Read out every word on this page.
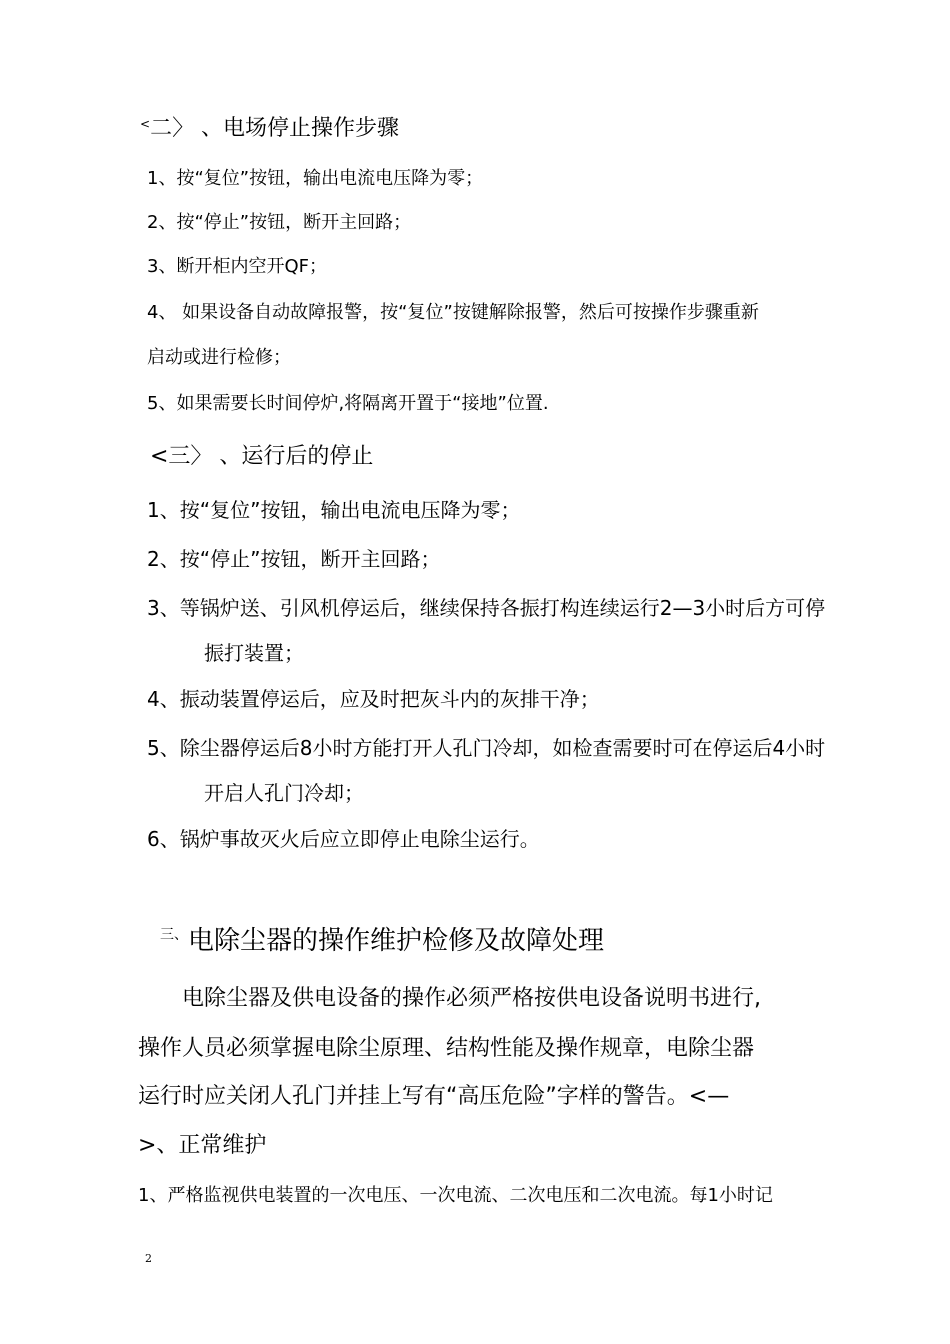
<二〉 、电场停止操作步骤
1、按“复位”按钮，输出电流电压降为零；
2、按“停止”按钮，断开主回路；
3、断开柜内空开QF；
4、 如果设备自动故障报警，按“复位”按键解除报警，然后可按操作步骤重新
启动或进行检修；
5、如果需要长时间停炉,将隔离开置于“接地”位置.
<三〉 、运行后的停止
1、按“复位”按钮，输出电流电压降为零；
2、按“停止”按钮，断开主回路；
3、等锅炉送、引风机停运后，继续保持各振打构连续运行2—3小时后方可停
振打装置；
4、振动装置停运后，应及时把灰斗内的灰排干净；
5、除尘器停运后8小时方能打开人孔门冷却，如检查需要时可在停运后4小时
开启人孔门冷却；
6、锅炉事故灭火后应立即停止电除尘运行。
三、电除尘器的操作维护检修及故障处理
电除尘器及供电设备的操作必须严格按供电设备说明书进行,
操作人员必须掌握电除尘原理、结构性能及操作规章，电除尘器
运行时应关闭人孔门并挂上写有“高压危险”字样的警告。<—
>、正常维护
1、严格监视供电装置的一次电压、一次电流、二次电压和二次电流。每1小时记
2
